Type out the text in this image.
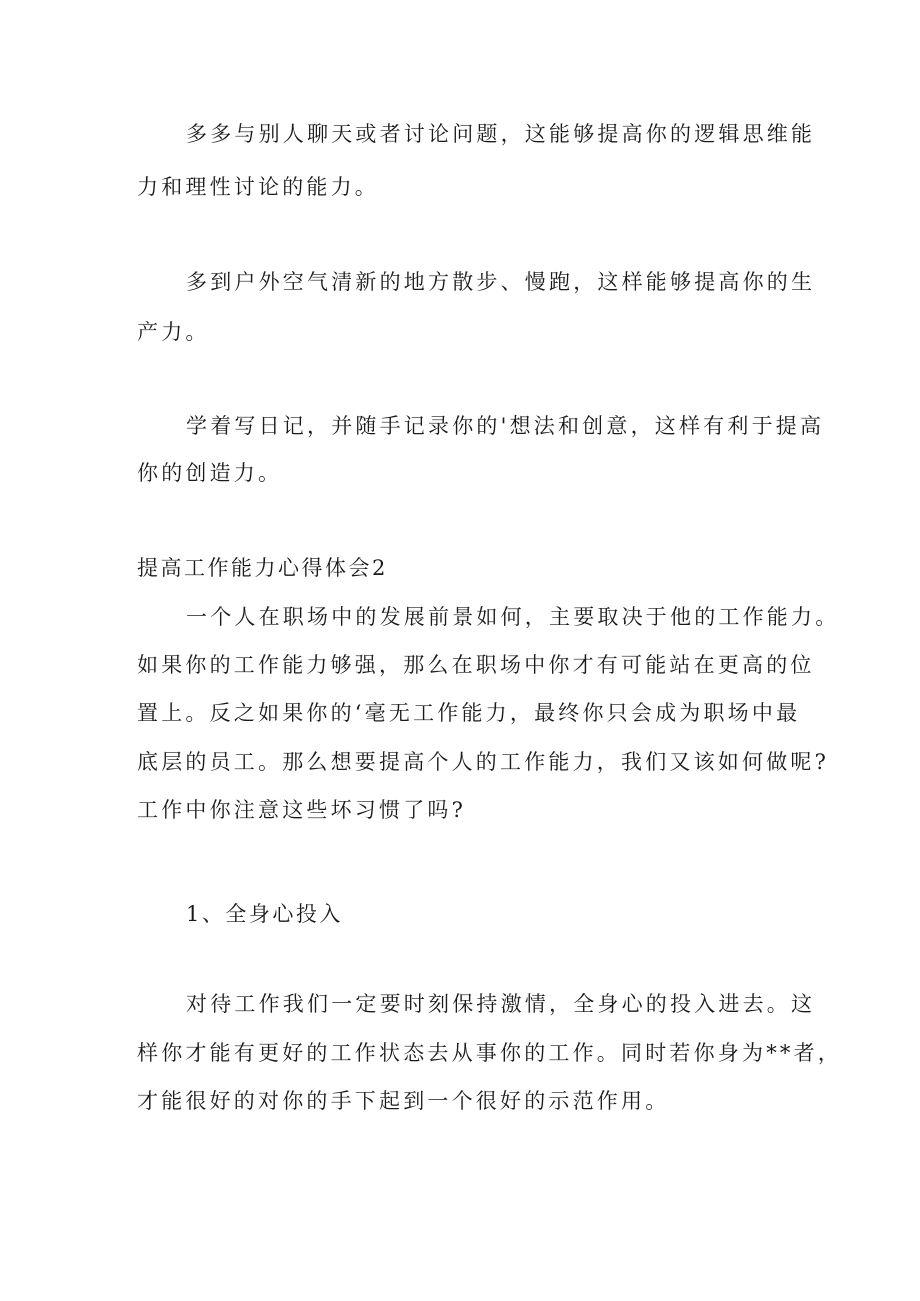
多多与别人聊天或者讨论问题，这能够提高你的逻辑思维能
力和理性讨论的能力。
多到户外空气清新的地方散步、慢跑，这样能够提高你的生
产力。
学着写日记，并随手记录你的'想法和创意，这样有利于提高
你的创造力。
提高工作能力心得体会2
一个人在职场中的发展前景如何，主要取决于他的工作能力。
如果你的工作能力够强，那么在职场中你才有可能站在更高的位
置上。反之如果你的‘毫无工作能力，最终你只会成为职场中最
底层的员工。那么想要提高个人的工作能力，我们又该如何做呢?
工作中你注意这些坏习惯了吗?
1、全身心投入
对待工作我们一定要时刻保持激情，全身心的投入进去。这
样你才能有更好的工作状态去从事你的工作。同时若你身为**者，
才能很好的对你的手下起到一个很好的示范作用。
